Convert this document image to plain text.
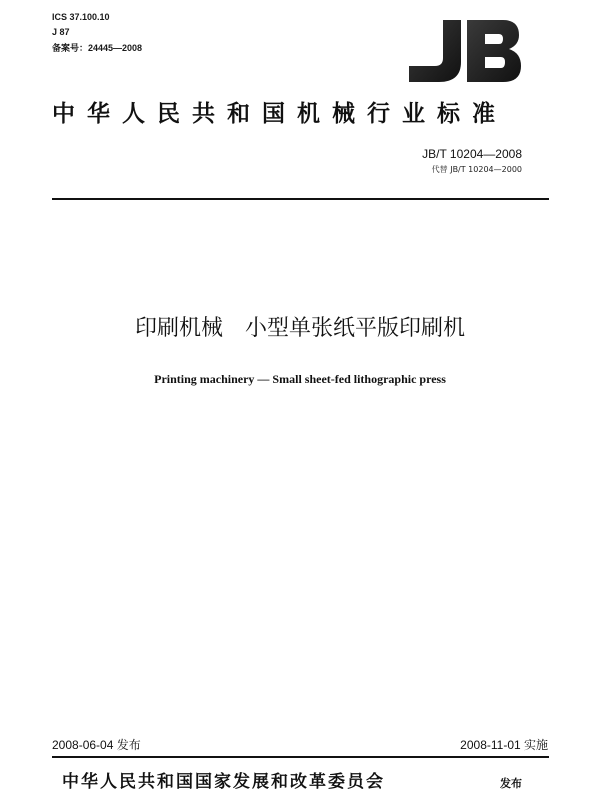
ICS 37.100.10
J 87
备案号：24445—2008
中华人民共和国机械行业标准
JB/T 10204—2008
代替 JB/T 10204—2000
印刷机械 小型单张纸平版印刷机
Printing machinery — Small sheet-fed lithographic press
2008-06-04 发布	2008-11-01 实施
中华人民共和国国家发展和改革委员会	发布
